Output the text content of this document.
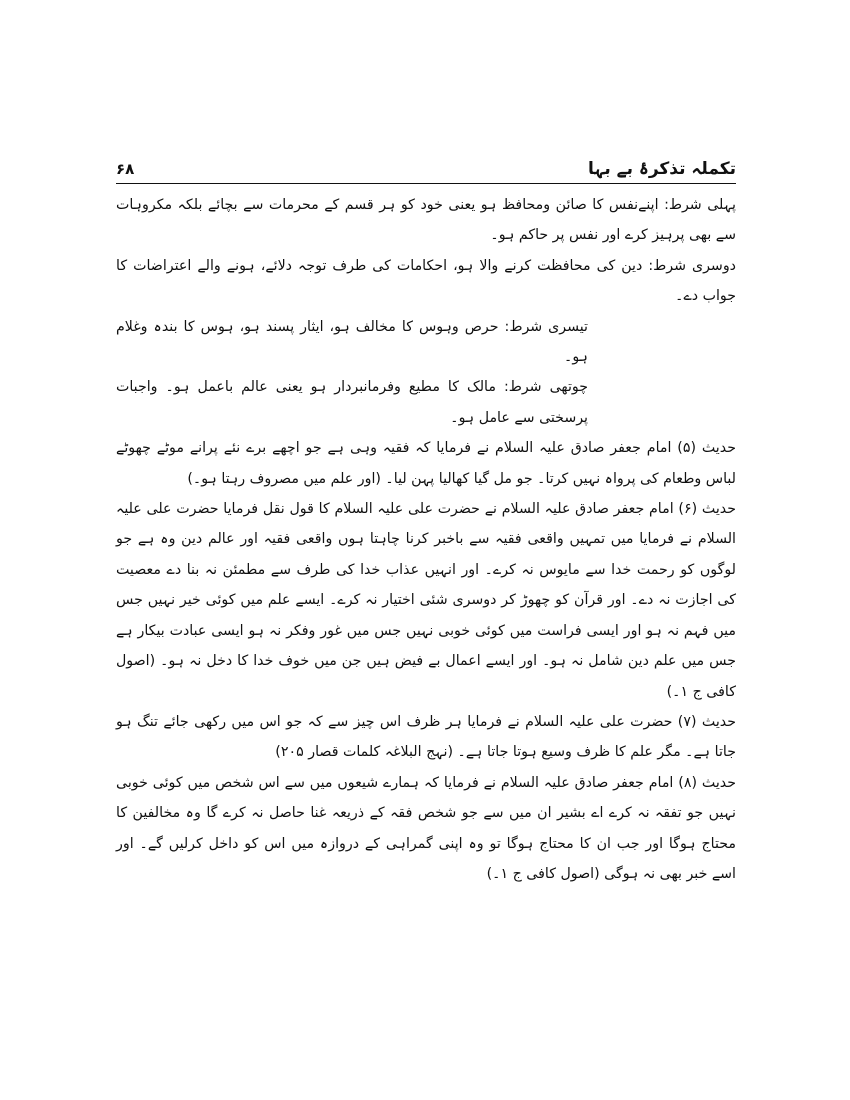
تکملہ تذکرۂ بے بہا
۶۸

پہلی شرط: اپنےنفس کا صائن ومحافظ ہو یعنی خود کو ہر قسم کے محرمات سے بچائے بلکہ مکروہات سے بھی پرہیز کرے اور نفس پر حاکم ہو۔

دوسری شرط: دین کی محافظت کرنے والا ہو، احکامات کی طرف توجہ دلائے، ہونے والے اعتراضات کا جواب دے۔

تیسری شرط: حرص وہوس کا مخالف ہو، ایثار پسند ہو، ہوس کا بندہ وغلام ہو۔

چوتھی شرط: مالک کا مطیع وفرمانبردار ہو یعنی عالم باعمل ہو۔ واجبات پرسختی سے عامل ہو۔

حدیث (۵) امام جعفر صادق علیہ السلام نے فرمایا کہ فقیہ وہی ہے جو اچھے برے نئے پرانے موٹے چھوٹے لباس وطعام کی پرواہ نہیں کرتا۔ جو مل گیا کھالیا پہن لیا۔ (اور علم میں مصروف رہتا ہو۔)

حدیث (۶) امام جعفر صادق علیہ السلام نے حضرت علی علیہ السلام کا قول نقل فرمایا حضرت علی علیہ السلام نے فرمایا میں تمہیں واقعی فقیہ سے باخبر کرنا چاہتا ہوں واقعی فقیہ اور عالم دین وہ ہے جو لوگوں کو رحمت خدا سے مایوس نہ کرے۔ اور انہیں عذاب خدا کی طرف سے مطمئن نہ بنا دے معصیت کی اجازت نہ دے۔ اور قرآن کو چھوڑ کر دوسری شئی اختیار نہ کرے۔ ایسے علم میں کوئی خیر نہیں جس میں فہم نہ ہو اور ایسی فراست میں کوئی خوبی نہیں جس میں غور وفکر نہ ہو ایسی عبادت بیکار ہے جس میں علم دین شامل نہ ہو۔ اور ایسے اعمال بے فیض ہیں جن میں خوف خدا کا دخل نہ ہو۔ (اصول کافی ج ۱۔)

حدیث (۷) حضرت علی علیہ السلام نے فرمایا ہر ظرف اس چیز سے کہ جو اس میں رکھی جائے تنگ ہو جاتا ہے۔ مگر علم کا ظرف وسیع ہوتا جاتا ہے۔ (نہج البلاغہ کلمات قصار ۲۰۵)

حدیث (۸) امام جعفر صادق علیہ السلام نے فرمایا کہ ہمارے شیعوں میں سے اس شخص میں کوئی خوبی نہیں جو تفقہ نہ کرے اے بشیر ان میں سے جو شخص فقہ کے ذریعہ غنا حاصل نہ کرے گا وہ مخالفین کا محتاج ہوگا اور جب ان کا محتاج ہوگا تو وہ اپنی گمراہی کے دروازہ میں اس کو داخل کرلیں گے۔ اور اسے خبر بھی نہ ہوگی (اصول کافی ج ۱۔)
